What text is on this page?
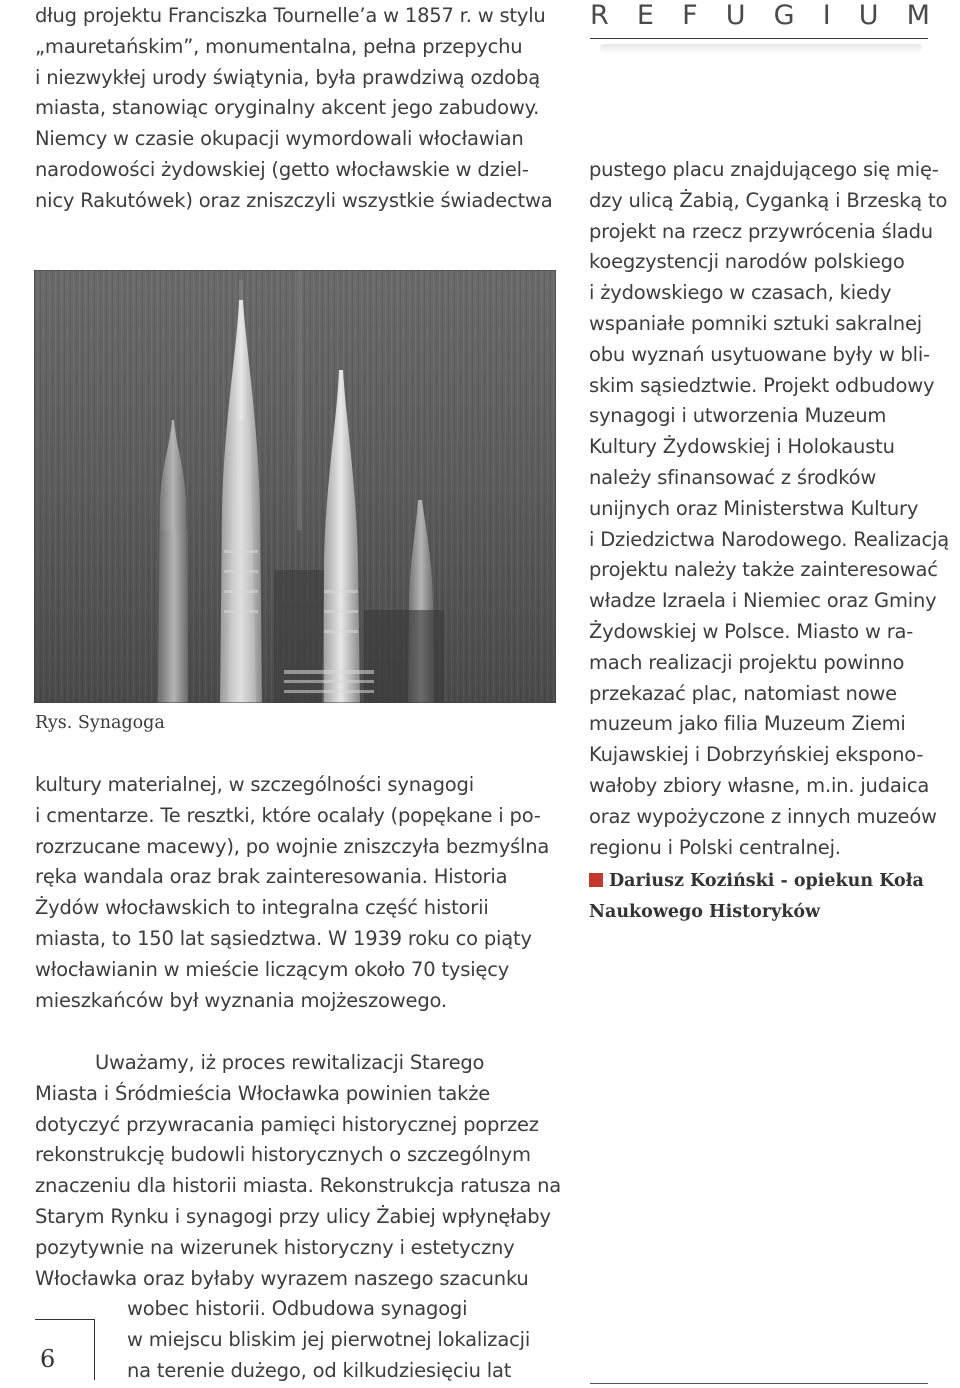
R E F U G I U M
dług projektu Franciszka Tournelle’a w 1857 r. w stylu
„mauretańskim”, monumentalna, pełna przepychu
i niezwykłej urody świątynia, była prawdziwą ozdobą
miasta, stanowiąc oryginalny akcent jego zabudowy.
Niemcy w czasie okupacji wymordowali włocławian
narodowości żydowskiej (getto włocławskie w dziel-
nicy Rakutówek) oraz zniszczyli wszystkie świadectwa
Rys. Synagoga
kultury materialnej, w szczególności synagogi
i cmentarze. Te resztki, które ocalały (popękane i po-
rozrzucane macewy), po wojnie zniszczyła bezmyślna
ręka wandala oraz brak zainteresowania. Historia
Żydów włocławskich to integralna część historii
miasta, to 150 lat sąsiedztwa. W 1939 roku co piąty
włocławianin w mieście liczącym około 70 tysięcy
mieszkańców był wyznania mojżeszowego.
pustego placu znajdującego się mię-
dzy ulicą Żabią, Cyganką i Brzeską to
projekt na rzecz przywrócenia śladu
koegzystencji narodów polskiego
i żydowskiego w czasach, kiedy
wspaniałe pomniki sztuki sakralnej
obu wyznań usytuowane były w bli-
skim sąsiedztwie. Projekt odbudowy
synagogi i utworzenia Muzeum
Kultury Żydowskiej i Holokaustu
należy sfinansować z środków
unijnych oraz Ministerstwa Kultury
i Dziedzictwa Narodowego. Realizacją
projektu należy także zainteresować
władze Izraela i Niemiec oraz Gminy
Żydowskiej w Polsce. Miasto w ra-
mach realizacji projektu powinno
przekazać plac, natomiast nowe
muzeum jako filia Muzeum Ziemi
Kujawskiej i Dobrzyńskiej ekspono-
wałoby zbiory własne, m.in. judaica
oraz wypożyczone z innych muzeów
regionu i Polski centralnej.
Dariusz Koziński - opiekun Koła
Naukowego Historyków
Uważamy, iż proces rewitalizacji Starego
Miasta i Śródmieścia Włocławka powinien także
dotyczyć przywracania pamięci historycznej poprzez
rekonstrukcję budowli historycznych o szczególnym
znaczeniu dla historii miasta. Rekonstrukcja ratusza na
Starym Rynku i synagogi przy ulicy Żabiej wpłynęłaby
pozytywnie na wizerunek historyczny i estetyczny
Włocławka oraz byłaby wyrazem naszego szacunku
wobec historii. Odbudowa synagogi
w miejscu bliskim jej pierwotnej lokalizacji
na terenie dużego, od kilkudziesięciu lat
6
